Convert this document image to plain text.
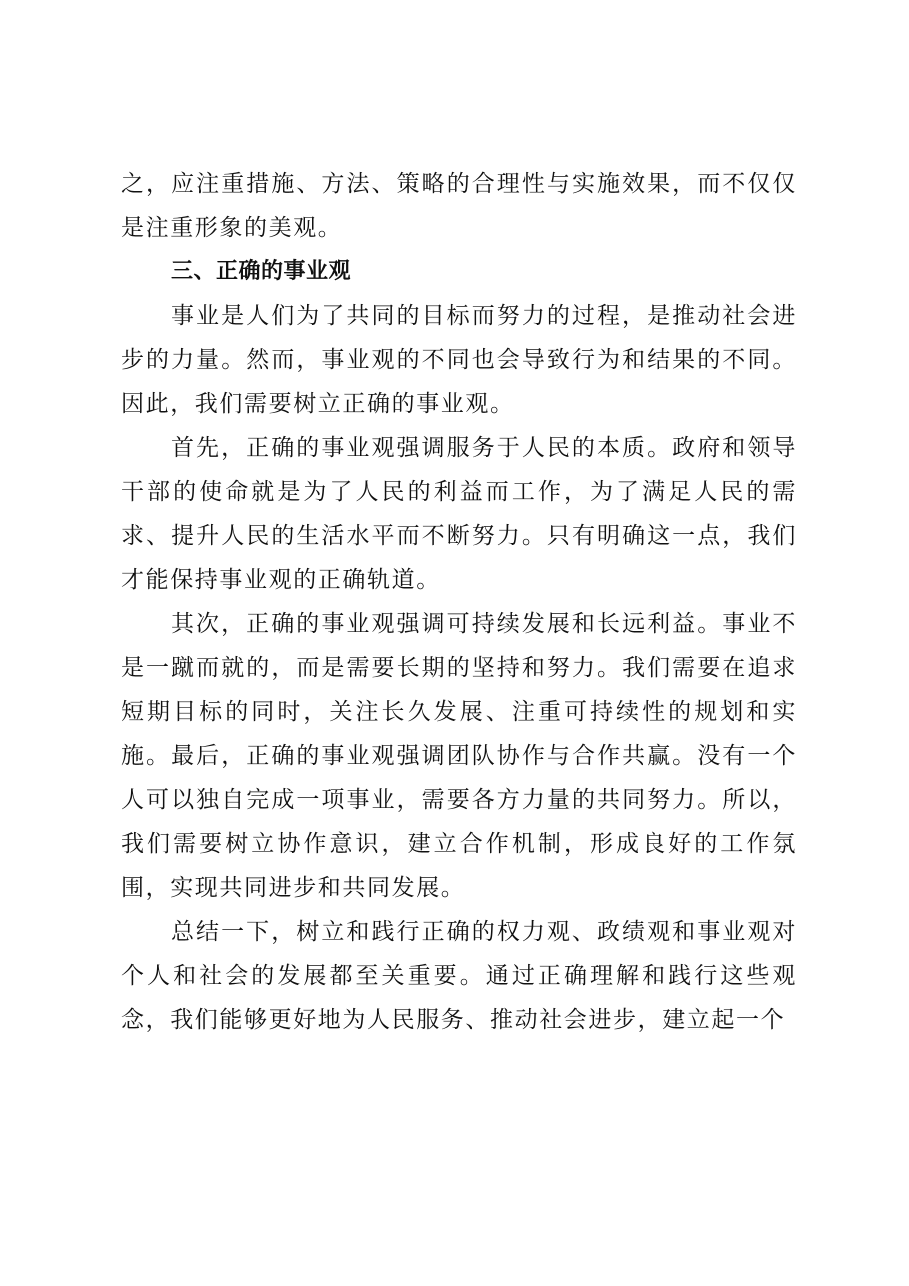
之，应注重措施、方法、策略的合理性与实施效果，而不仅仅是注重形象的美观。

三、正确的事业观

事业是人们为了共同的目标而努力的过程，是推动社会进步的力量。然而，事业观的不同也会导致行为和结果的不同。因此，我们需要树立正确的事业观。

首先，正确的事业观强调服务于人民的本质。政府和领导干部的使命就是为了人民的利益而工作，为了满足人民的需求、提升人民的生活水平而不断努力。只有明确这一点，我们才能保持事业观的正确轨道。

其次，正确的事业观强调可持续发展和长远利益。事业不是一蹴而就的，而是需要长期的坚持和努力。我们需要在追求短期目标的同时，关注长久发展、注重可持续性的规划和实施。最后，正确的事业观强调团队协作与合作共赢。没有一个人可以独自完成一项事业，需要各方力量的共同努力。所以，我们需要树立协作意识，建立合作机制，形成良好的工作氛围，实现共同进步和共同发展。

总结一下，树立和践行正确的权力观、政绩观和事业观对个人和社会的发展都至关重要。通过正确理解和践行这些观念，我们能够更好地为人民服务、推动社会进步，建立起一个
